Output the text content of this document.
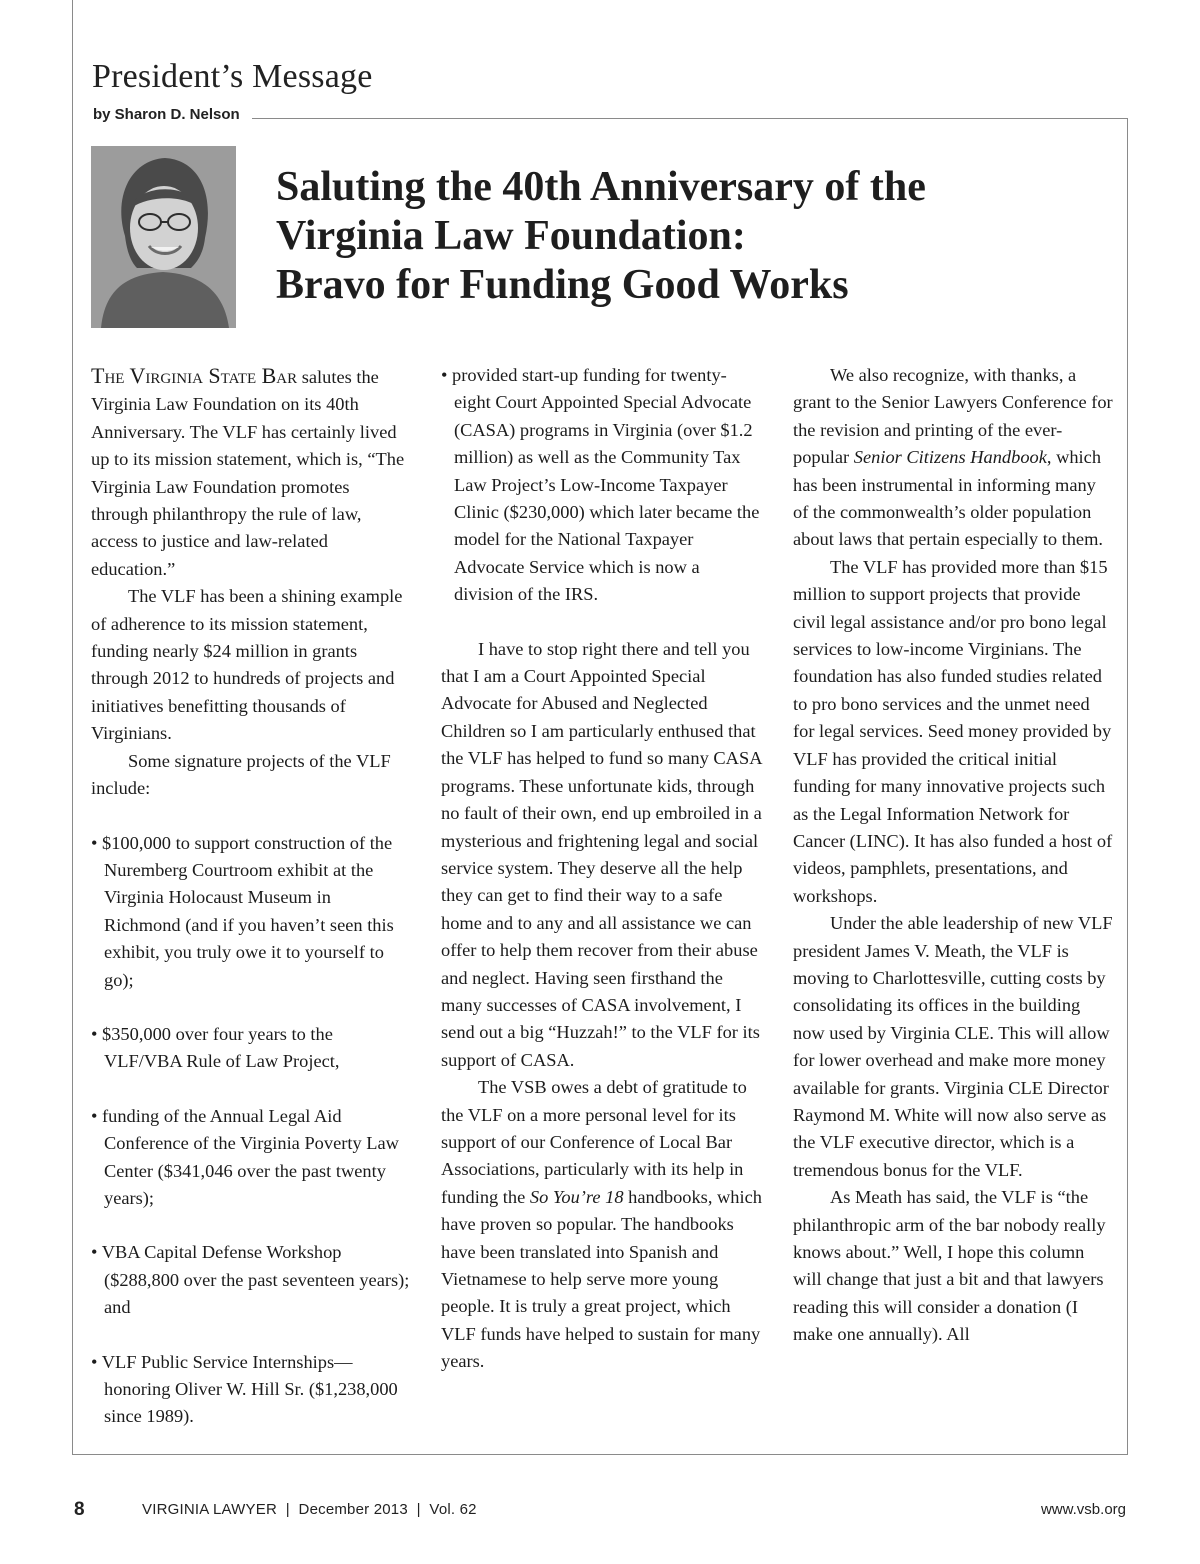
President’s Message
by Sharon D. Nelson
Saluting the 40th Anniversary of the
Virginia Law Foundation:
Bravo for Funding Good Works

The Virginia State Bar salutes the Virginia Law Foundation on its 40th Anniversary. The VLF has certainly lived up to its mission statement, which is, “The Virginia Law Foundation promotes through philanthropy the rule of law, access to justice and law-related education.”

The VLF has been a shining example of adherence to its mission statement, funding nearly $24 million in grants through 2012 to hundreds of projects and initiatives benefitting thousands of Virginians.

Some signature projects of the VLF include:

• $100,000 to support construction of the Nuremberg Courtroom exhibit at the Virginia Holocaust Museum in Richmond (and if you haven’t seen this exhibit, you truly owe it to yourself to go);

• $350,000 over four years to the VLF/VBA Rule of Law Project,

• funding of the Annual Legal Aid Conference of the Virginia Poverty Law Center ($341,046 over the past twenty years);

• VBA Capital Defense Workshop ($288,800 over the past seventeen years); and

• VLF Public Service Internships— honoring Oliver W. Hill Sr. ($1,238,000 since 1989).

• provided start-up funding for twenty-eight Court Appointed Special Advocate (CASA) programs in Virginia (over $1.2 million) as well as the Community Tax Law Project’s Low-Income Taxpayer Clinic ($230,000) which later became the model for the National Taxpayer Advocate Service which is now a division of the IRS.

I have to stop right there and tell you that I am a Court Appointed Special Advocate for Abused and Neglected Children so I am particularly enthused that the VLF has helped to fund so many CASA programs. These unfortunate kids, through no fault of their own, end up embroiled in a mysterious and frightening legal and social service system. They deserve all the help they can get to find their way to a safe home and to any and all assistance we can offer to help them recover from their abuse and neglect. Having seen firsthand the many successes of CASA involvement, I send out a big “Huzzah!” to the VLF for its support of CASA.

The VSB owes a debt of gratitude to the VLF on a more personal level for its support of our Conference of Local Bar Associations, particularly with its help in funding the So You’re 18 handbooks, which have proven so popular. The handbooks have been translated into Spanish and Vietnamese to help serve more young people. It is truly a great project, which VLF funds have helped to sustain for many years.

We also recognize, with thanks, a grant to the Senior Lawyers Conference for the revision and printing of the ever-popular Senior Citizens Handbook, which has been instrumental in informing many of the commonwealth’s older population about laws that pertain especially to them.

The VLF has provided more than $15 million to support projects that provide civil legal assistance and/or pro bono legal services to low-income Virginians. The foundation has also funded studies related to pro bono services and the unmet need for legal services. Seed money provided by VLF has provided the critical initial funding for many innovative projects such as the Legal Information Network for Cancer (LINC). It has also funded a host of videos, pamphlets, presentations, and workshops.

Under the able leadership of new VLF president James V. Meath, the VLF is moving to Charlottesville, cutting costs by consolidating its offices in the building now used by Virginia CLE. This will allow for lower overhead and make more money available for grants. Virginia CLE Director Raymond M. White will now also serve as the VLF executive director, which is a tremendous bonus for the VLF.

As Meath has said, the VLF is “the philanthropic arm of the bar nobody really knows about.” Well, I hope this column will change that just a bit and that lawyers reading this will consider a donation (I make one annually). All

8	VIRGINIA LAWYER  |  December 2013  |  Vol. 62	www.vsb.org
